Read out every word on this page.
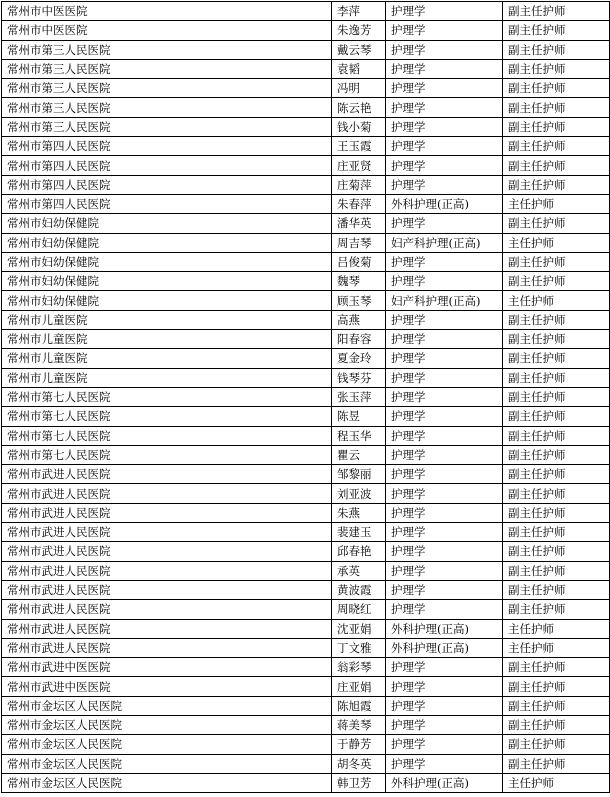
常州市中医医院	李萍	护理学	副主任护师
常州市中医医院	朱逸芳	护理学	副主任护师
常州市第三人民医院	戴云琴	护理学	副主任护师
常州市第三人民医院	袁韬	护理学	副主任护师
常州市第三人民医院	冯明	护理学	副主任护师
常州市第三人民医院	陈云艳	护理学	副主任护师
常州市第三人民医院	钱小菊	护理学	副主任护师
常州市第四人民医院	王玉霞	护理学	副主任护师
常州市第四人民医院	庄亚贤	护理学	副主任护师
常州市第四人民医院	庄菊萍	护理学	副主任护师
常州市第四人民医院	朱春萍	外科护理(正高)	主任护师
常州市妇幼保健院	潘华英	护理学	副主任护师
常州市妇幼保健院	周吉琴	妇产科护理(正高)	主任护师
常州市妇幼保健院	吕俊菊	护理学	副主任护师
常州市妇幼保健院	魏琴	护理学	副主任护师
常州市妇幼保健院	顾玉琴	妇产科护理(正高)	主任护师
常州市儿童医院	高燕	护理学	副主任护师
常州市儿童医院	阳春容	护理学	副主任护师
常州市儿童医院	夏金玲	护理学	副主任护师
常州市儿童医院	钱琴芬	护理学	副主任护师
常州市第七人民医院	张玉萍	护理学	副主任护师
常州市第七人民医院	陈昱	护理学	副主任护师
常州市第七人民医院	程玉华	护理学	副主任护师
常州市第七人民医院	瞿云	护理学	副主任护师
常州市武进人民医院	邹黎丽	护理学	副主任护师
常州市武进人民医院	刘亚波	护理学	副主任护师
常州市武进人民医院	朱燕	护理学	副主任护师
常州市武进人民医院	裴建玉	护理学	副主任护师
常州市武进人民医院	邱春艳	护理学	副主任护师
常州市武进人民医院	承英	护理学	副主任护师
常州市武进人民医院	黄波霞	护理学	副主任护师
常州市武进人民医院	周晓红	护理学	副主任护师
常州市武进人民医院	沈亚娟	外科护理(正高)	主任护师
常州市武进人民医院	丁文雅	外科护理(正高)	主任护师
常州市武进中医医院	翁彩琴	护理学	副主任护师
常州市武进中医医院	庄亚娟	护理学	副主任护师
常州市金坛区人民医院	陈旭霞	护理学	副主任护师
常州市金坛区人民医院	蒋美琴	护理学	副主任护师
常州市金坛区人民医院	于静芳	护理学	副主任护师
常州市金坛区人民医院	胡冬英	护理学	副主任护师
常州市金坛区人民医院	韩卫芳	外科护理(正高)	主任护师
